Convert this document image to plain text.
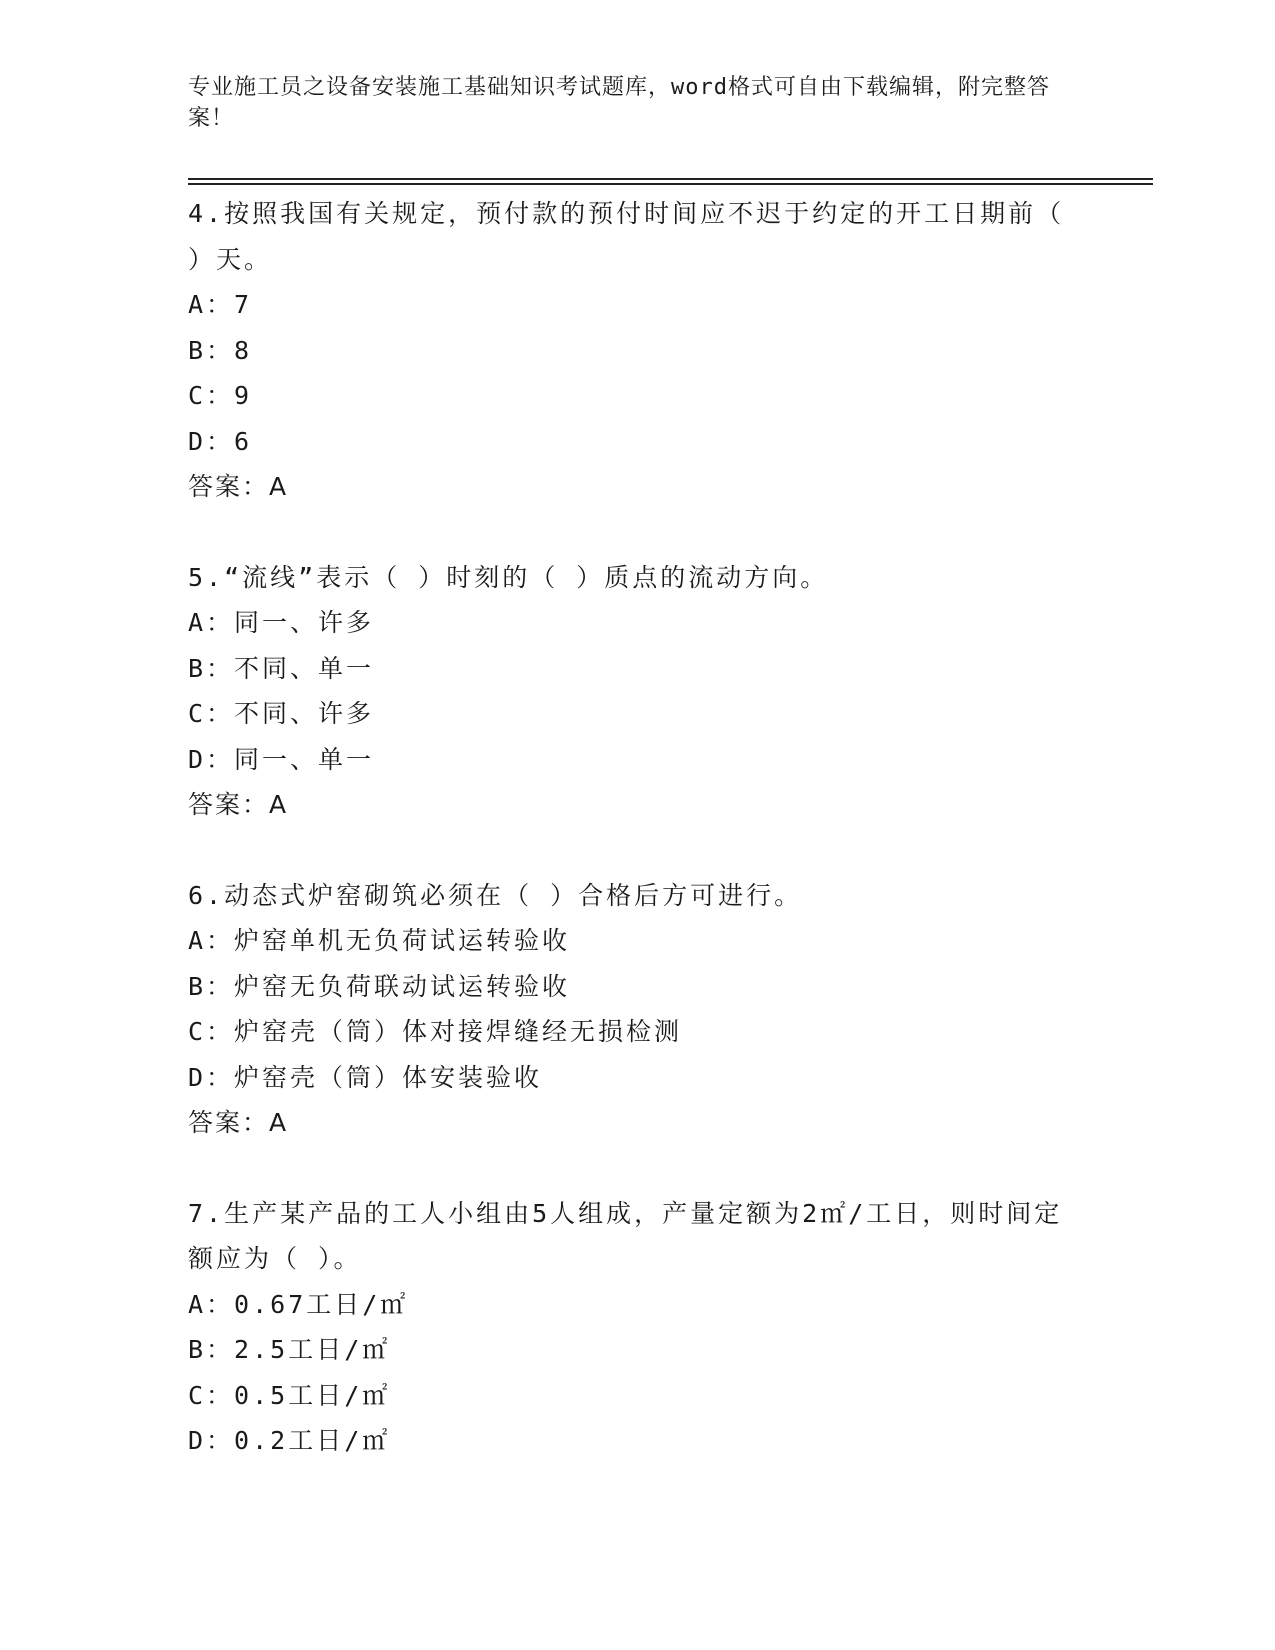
专业施工员之设备安装施工基础知识考试题库，word格式可自由下载编辑，附完整答案！

4.按照我国有关规定，预付款的预付时间应不迟于约定的开工日期前（ ）天。

A：7

B：8

C：9

D：6

答案：A

5.“流线”表示（ ）时刻的（ ）质点的流动方向。

A：同一、许多

B：不同、单一

C：不同、许多

D：同一、单一

答案：A

6.动态式炉窑砌筑必须在（ ）合格后方可进行。

A：炉窑单机无负荷试运转验收

B：炉窑无负荷联动试运转验收

C：炉窑壳（筒）体对接焊缝经无损检测

D：炉窑壳（筒）体安装验收

答案：A

7.生产某产品的工人小组由5人组成，产量定额为2㎡/工日，则时间定额应为（ ）。

A：0.67工日/㎡

B：2.5工日/㎡

C：0.5工日/㎡

D：0.2工日/㎡
